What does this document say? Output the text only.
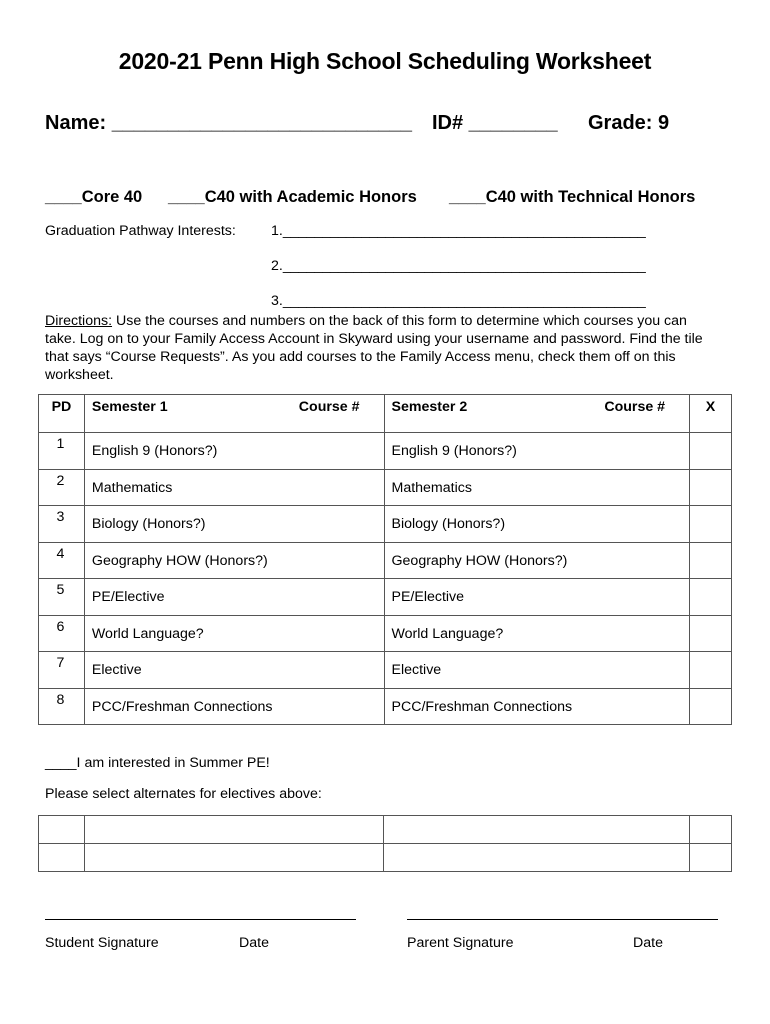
2020-21 Penn High School Scheduling Worksheet
Name: ___________________________ ID# ________ Grade: 9
____Core 40 ____C40 with Academic Honors ____C40 with Technical Honors
Graduation Pathway Interests: 1.______________________________________________
2.______________________________________________
3.______________________________________________
Directions: Use the courses and numbers on the back of this form to determine which courses you can take. Log on to your Family Access Account in Skyward using your username and password. Find the tile that says “Course Requests”. As you add courses to the Family Access menu, check them off on this worksheet.
PD	Semester 1 Course #	Semester 2 Course #	X

1	English 9 (Honors?)	English 9 (Honors?)	

2	Mathematics	Mathematics	

3	Biology (Honors?)	Biology (Honors?)	

4	Geography HOW (Honors?)	Geography HOW (Honors?)	

5	PE/Elective	PE/Elective	

6	World Language?	World Language?	

7	Elective	Elective	

8	PCC/Freshman Connections	PCC/Freshman Connections	

____I am interested in Summer PE!
Please select alternates for electives above:

Student Signature	Date	Parent Signature	Date
